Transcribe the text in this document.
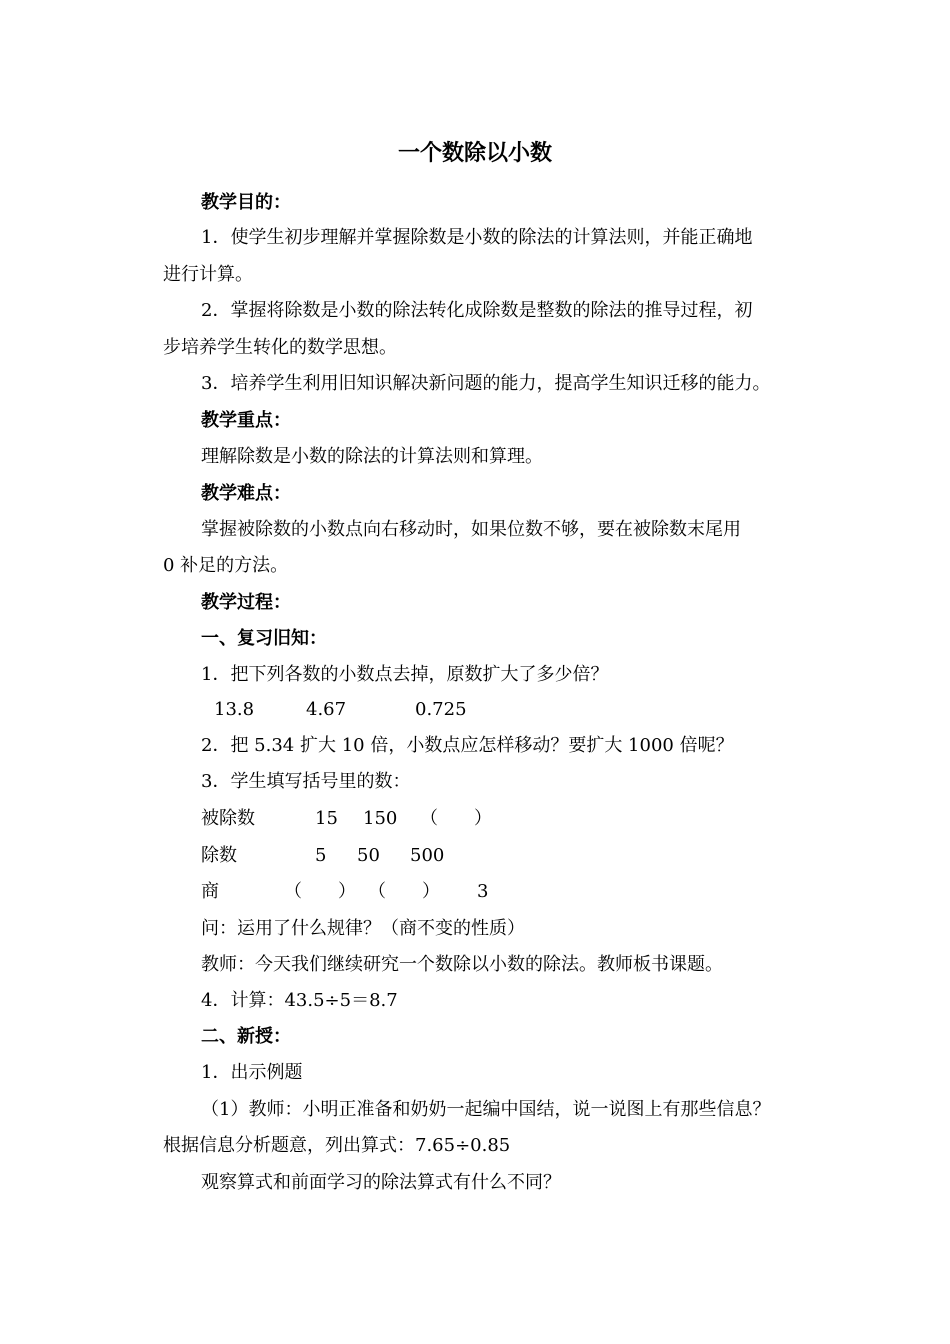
一个数除以小数
教学目的：
1．使学生初步理解并掌握除数是小数的除法的计算法则，并能正确地
进行计算。
2．掌握将除数是小数的除法转化成除数是整数的除法的推导过程，初
步培养学生转化的数学思想。
3．培养学生利用旧知识解决新问题的能力，提高学生知识迁移的能力。
教学重点：
理解除数是小数的除法的计算法则和算理。
教学难点：
掌握被除数的小数点向右移动时，如果位数不够，要在被除数末尾用
0 补足的方法。
教学过程：
一、复习旧知：
1．把下列各数的小数点去掉，原数扩大了多少倍？
13.8	4.67	0.725
2．把 5.34 扩大 10 倍，小数点应怎样移动？要扩大 1000 倍呢？
3．学生填写括号里的数：
被除数	15 150 （　　）
除数	5 50 500
商	（　　） （　　） 3
问：运用了什么规律？（商不变的性质）
教师：今天我们继续研究一个数除以小数的除法。教师板书课题。
4．计算：43.5÷5＝8.7
二、新授：
1．出示例题
（1）教师：小明正准备和奶奶一起编中国结，说一说图上有那些信息？
根据信息分析题意，列出算式：7.65÷0.85
观察算式和前面学习的除法算式有什么不同？
